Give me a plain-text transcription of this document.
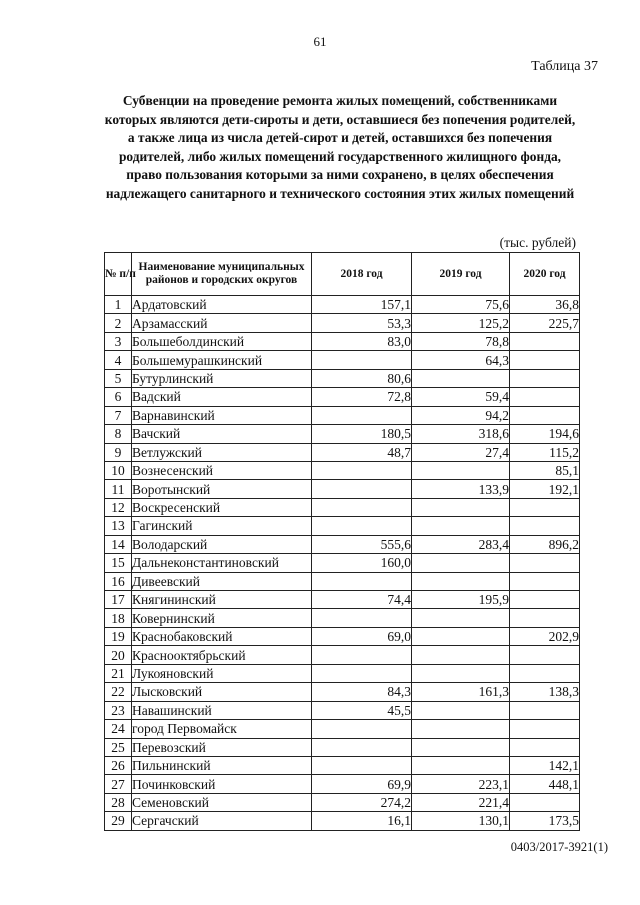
61
Таблица 37
Субвенции на проведение ремонта жилых помещений, собственниками которых являются дети-сироты и дети, оставшиеся без попечения родителей, а также лица из числа детей-сирот и детей, оставшихся без попечения родителей, либо жилых помещений государственного жилищного фонда, право пользования которыми за ними сохранено, в целях обеспечения надлежащего санитарного и технического состояния этих жилых помещений
(тыс. рублей)
№ п/п	Наименование муниципальных районов и городских округов	2018 год	2019 год	2020 год
1	Ардатовский	157,1	75,6	36,8
2	Арзамасский	53,3	125,2	225,7
3	Большеболдинский	83,0	78,8	
4	Большемурашкинский		64,3	
5	Бутурлинский	80,6		
6	Вадский	72,8	59,4	
7	Варнавинский		94,2	
8	Вачский	180,5	318,6	194,6
9	Ветлужский	48,7	27,4	115,2
10	Вознесенский			85,1
11	Воротынский		133,9	192,1
12	Воскресенский			
13	Гагинский			
14	Володарский	555,6	283,4	896,2
15	Дальнеконстантиновский	160,0		
16	Дивеевский			
17	Княгининский	74,4	195,9	
18	Ковернинский			
19	Краснобаковский	69,0		202,9
20	Краснооктябрьский			
21	Лукояновский			
22	Лысковский	84,3	161,3	138,3
23	Навашинский	45,5		
24	город Первомайск			
25	Перевозский			
26	Пильнинский			142,1
27	Починковский	69,9	223,1	448,1
28	Семеновский	274,2	221,4	
29	Сергачский	16,1	130,1	173,5
0403/2017-3921(1)
